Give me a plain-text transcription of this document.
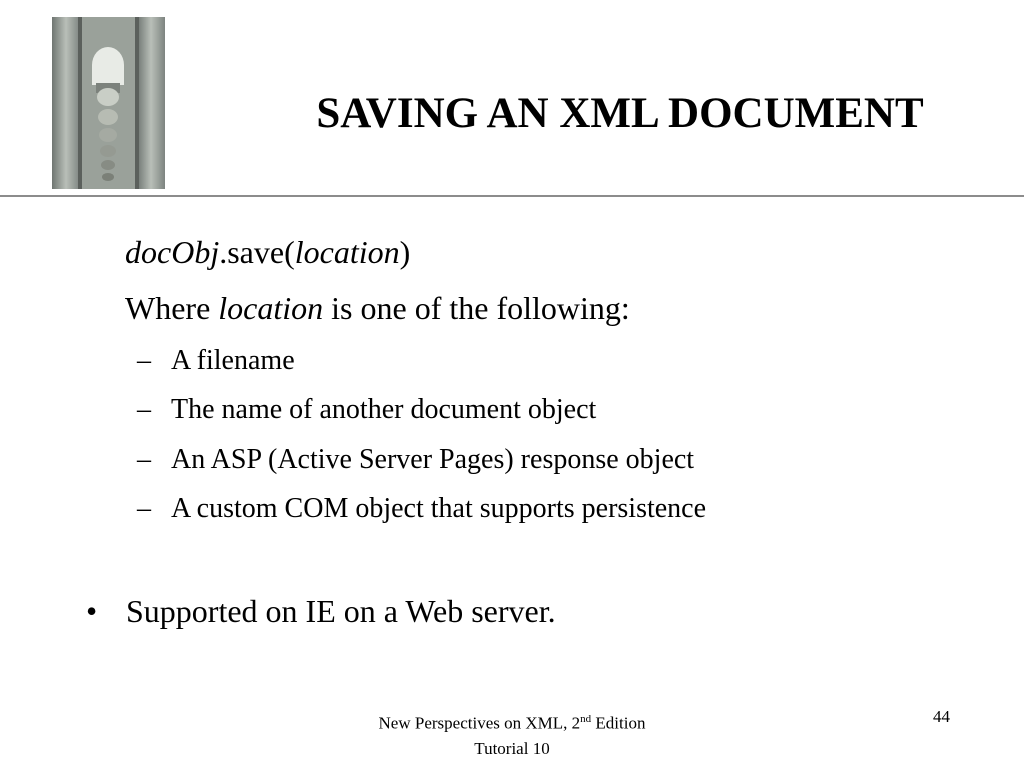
SAVING AN XML DOCUMENT
docObj.save(location)
Where location is one of the following:
– A filename
– The name of another document object
– An ASP (Active Server Pages) response object
– A custom COM object that supports persistence
• Supported on IE on a Web server.
New Perspectives on XML, 2nd Edition
Tutorial 10
44
